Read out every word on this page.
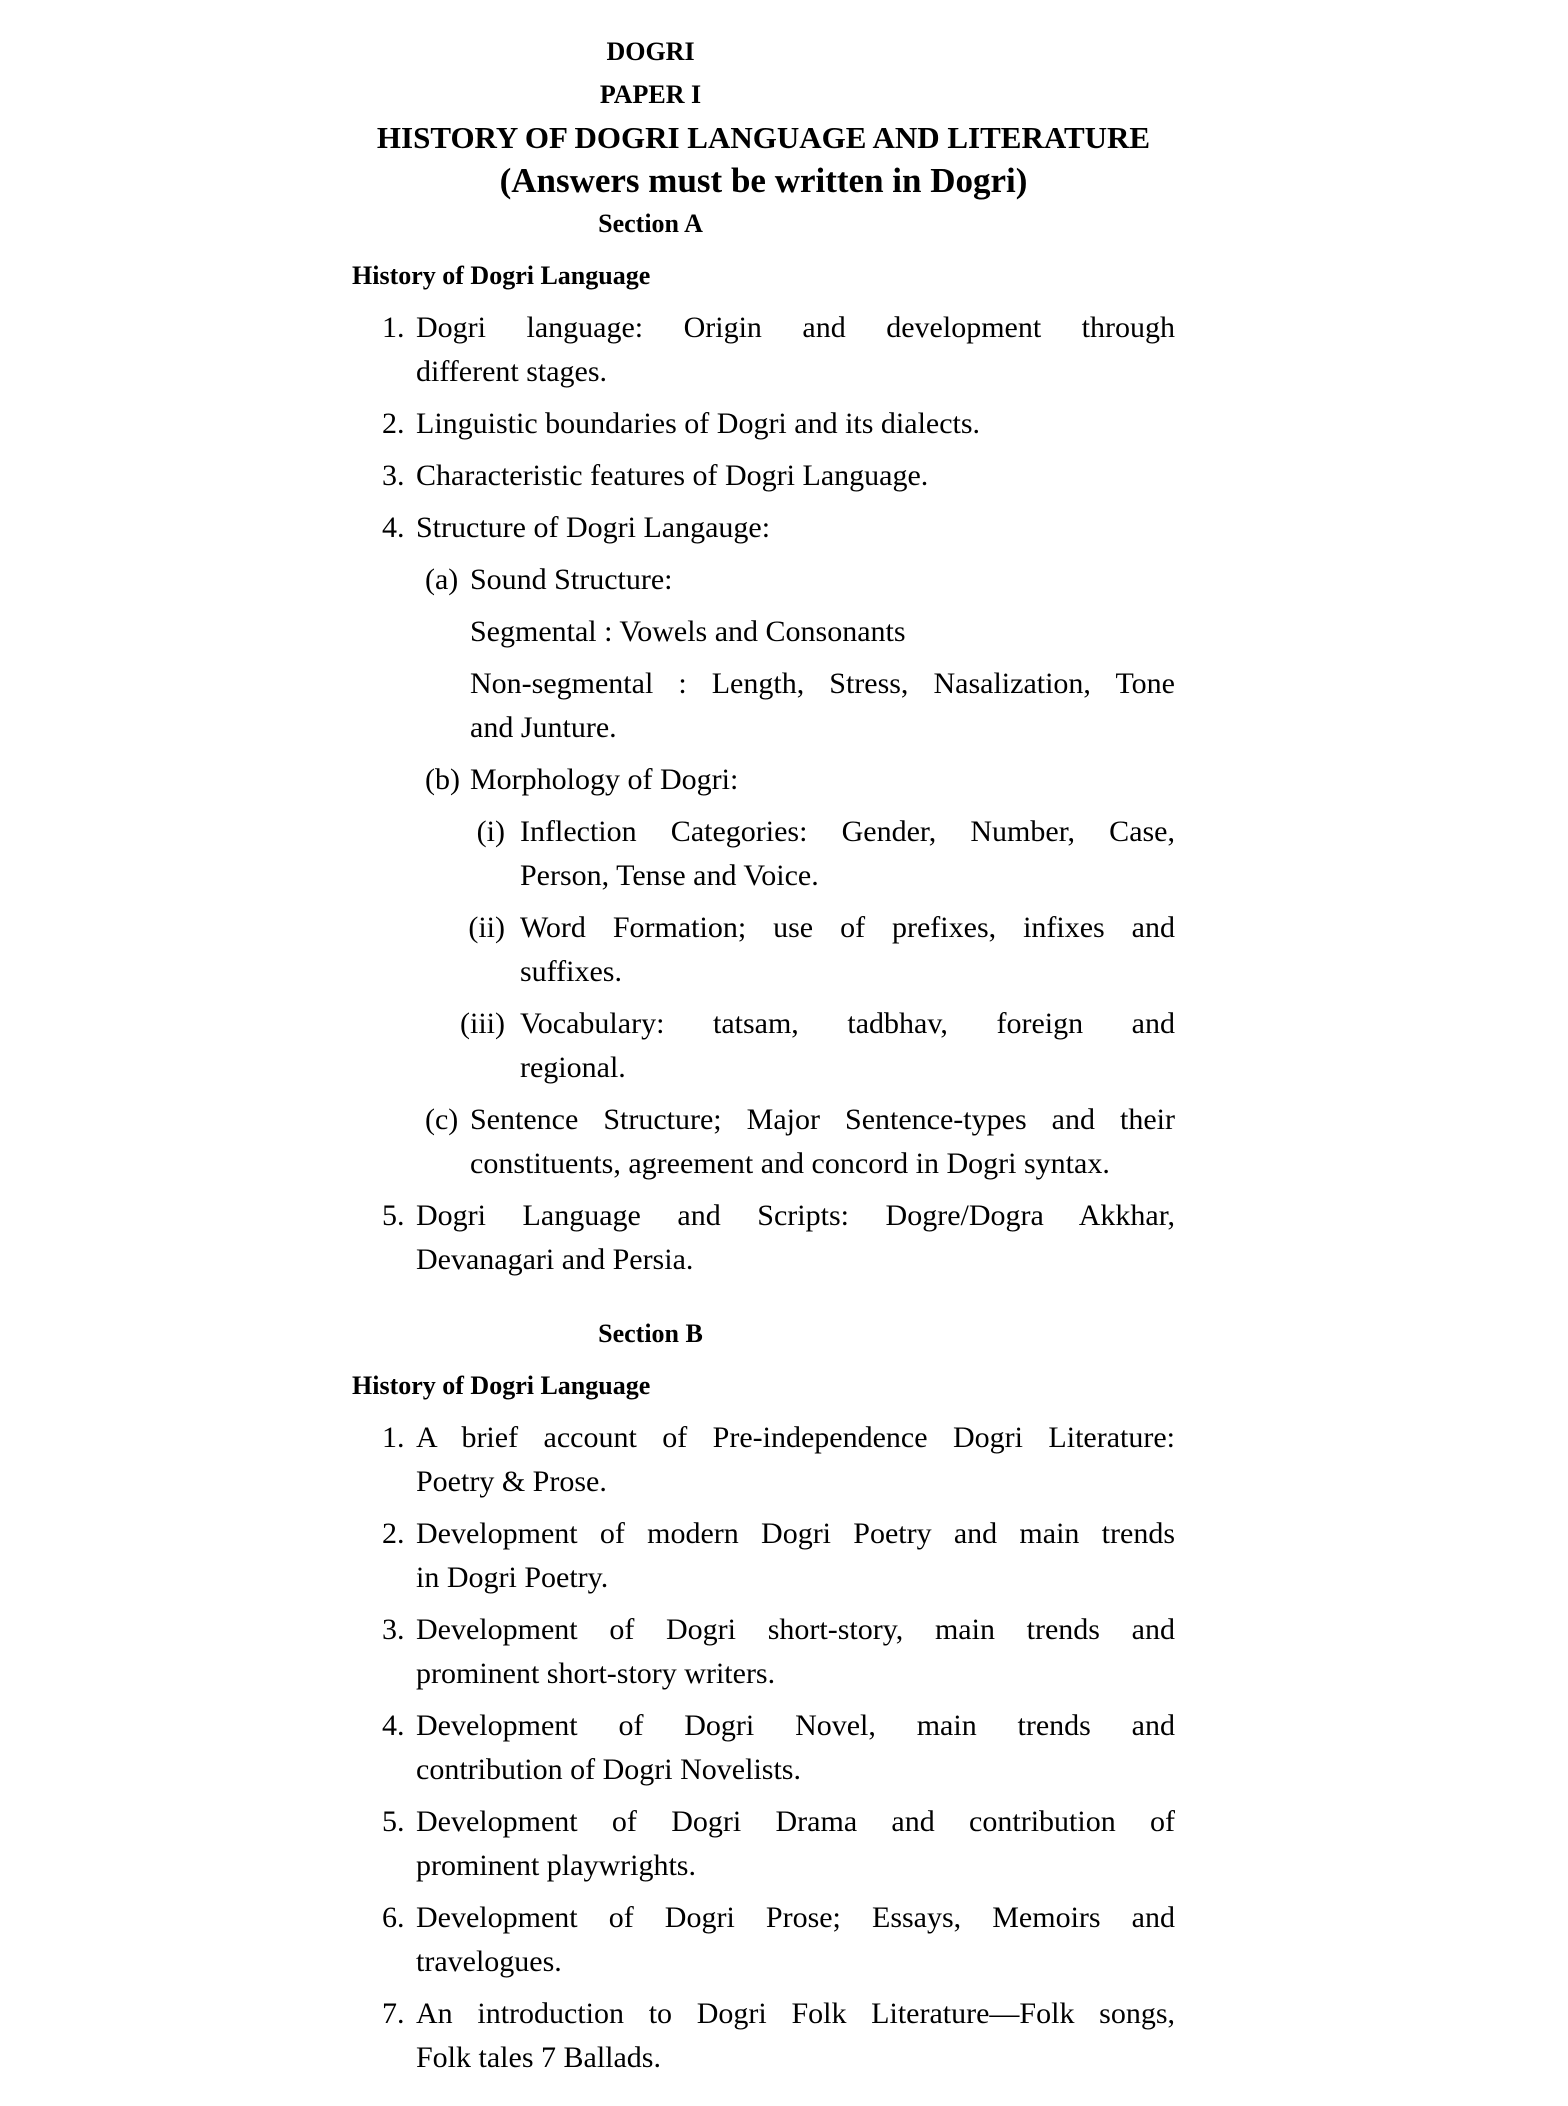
DOGRI
PAPER I
HISTORY OF DOGRI LANGUAGE AND LITERATURE
(Answers must be written in Dogri)
Section A
History of Dogri Language
1. Dogri language: Origin and development through
different stages.
2. Linguistic boundaries of Dogri and its dialects.
3. Characteristic features of Dogri Language.
4. Structure of Dogri Langauge:
(a) Sound Structure:
Segmental : Vowels and Consonants
Non-segmental : Length, Stress, Nasalization, Tone
and Junture.
(b) Morphology of Dogri:
(i) Inflection Categories: Gender, Number, Case,
Person, Tense and Voice.
(ii) Word Formation; use of prefixes, infixes and
suffixes.
(iii) Vocabulary: tatsam, tadbhav, foreign and
regional.
(c) Sentence Structure; Major Sentence-types and their
constituents, agreement and concord in Dogri syntax.
5. Dogri Language and Scripts: Dogre/Dogra Akkhar,
Devanagari and Persia.
Section B
History of Dogri Language
1. A brief account of Pre-independence Dogri Literature:
Poetry & Prose.
2. Development of modern Dogri Poetry and main trends
in Dogri Poetry.
3. Development of Dogri short-story, main trends and
prominent short-story writers.
4. Development of Dogri Novel, main trends and
contribution of Dogri Novelists.
5. Development of Dogri Drama and contribution of
prominent playwrights.
6. Development of Dogri Prose; Essays, Memoirs and
travelogues.
7. An introduction to Dogri Folk Literature—Folk songs,
Folk tales 7 Ballads.
